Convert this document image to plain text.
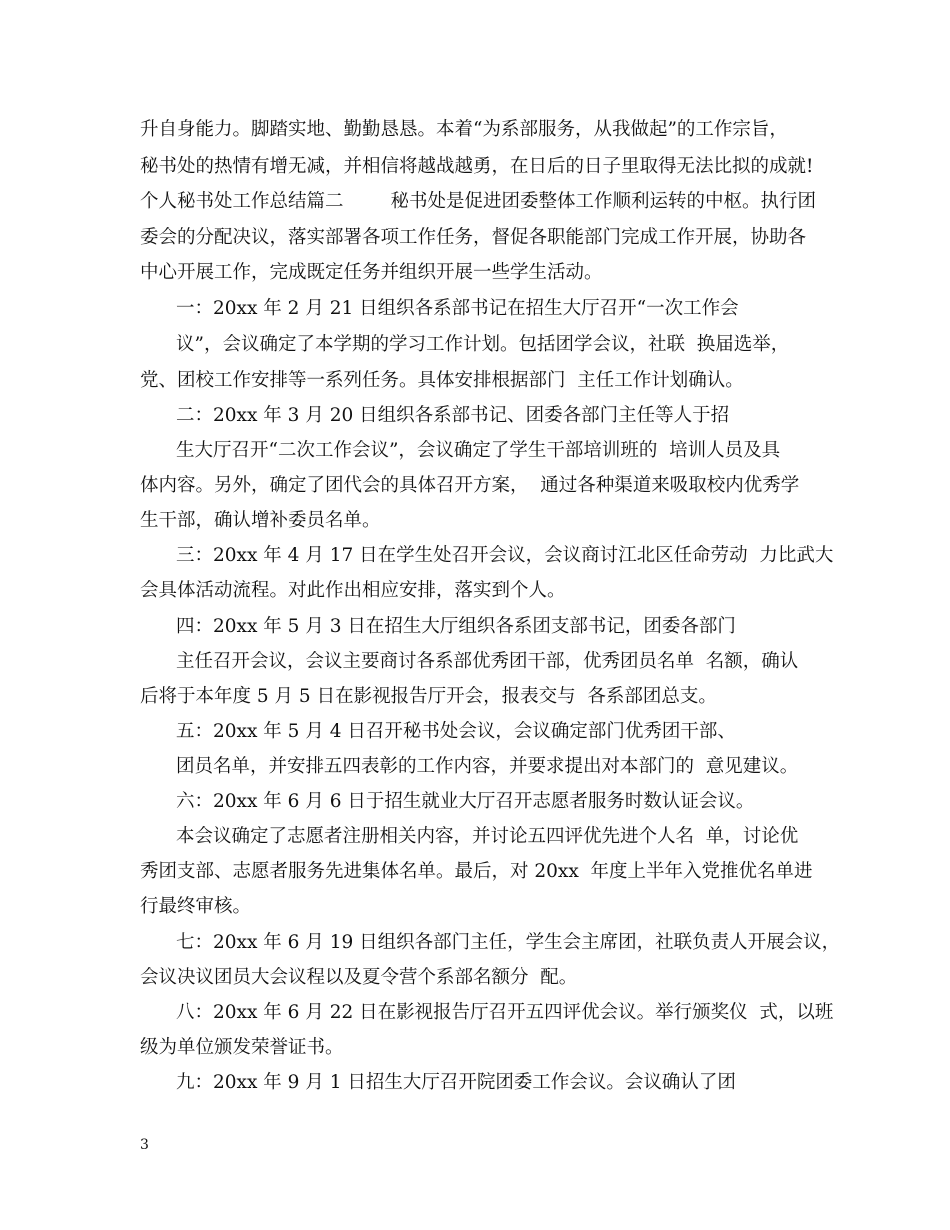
升自身能力。脚踏实地、勤勤恳恳。本着“为系部服务，从我做起”的工作宗旨，
秘书处的热情有增无减，并相信将越战越勇，在日后的日子里取得无法比拟的成就!
个人秘书处工作总结篇二        秘书处是促进团委整体工作顺利运转的中枢。执行团
委会的分配决议，落实部署各项工作任务，督促各职能部门完成工作开展，协助各
中心开展工作，完成既定任务并组织开展一些学生活动。
一：20xx 年 2 月 21 日组织各系部书记在招生大厅召开“一次工作会
议”，会议确定了本学期的学习工作计划。包括团学会议，社联  换届选举，
党、团校工作安排等一系列任务。具体安排根据部门  主任工作计划确认。
二：20xx 年 3 月 20 日组织各系部书记、团委各部门主任等人于招
生大厅召开“二次工作会议”，会议确定了学生干部培训班的  培训人员及具
体内容。另外，确定了团代会的具体召开方案，  通过各种渠道来吸取校内优秀学
生干部，确认增补委员名单。
三：20xx 年 4 月 17 日在学生处召开会议，会议商讨江北区任命劳动  力比武大
会具体活动流程。对此作出相应安排，落实到个人。
四：20xx 年 5 月 3 日在招生大厅组织各系团支部书记，团委各部门
主任召开会议，会议主要商讨各系部优秀团干部，优秀团员名单  名额，确认
后将于本年度 5 月 5 日在影视报告厅开会，报表交与  各系部团总支。
五：20xx 年 5 月 4 日召开秘书处会议，会议确定部门优秀团干部、
团员名单，并安排五四表彰的工作内容，并要求提出对本部门的  意见建议。
六：20xx 年 6 月 6 日于招生就业大厅召开志愿者服务时数认证会议。
本会议确定了志愿者注册相关内容，并讨论五四评优先进个人名  单，讨论优
秀团支部、志愿者服务先进集体名单。最后，对 20xx  年度上半年入党推优名单进
行最终审核。
七：20xx 年 6 月 19 日组织各部门主任，学生会主席团，社联负责人开展会议，
会议决议团员大会议程以及夏令营个系部名额分  配。
八：20xx 年 6 月 22 日在影视报告厅召开五四评优会议。举行颁奖仪  式，以班
级为单位颁发荣誉证书。
九：20xx 年 9 月 1 日招生大厅召开院团委工作会议。会议确认了团
3
